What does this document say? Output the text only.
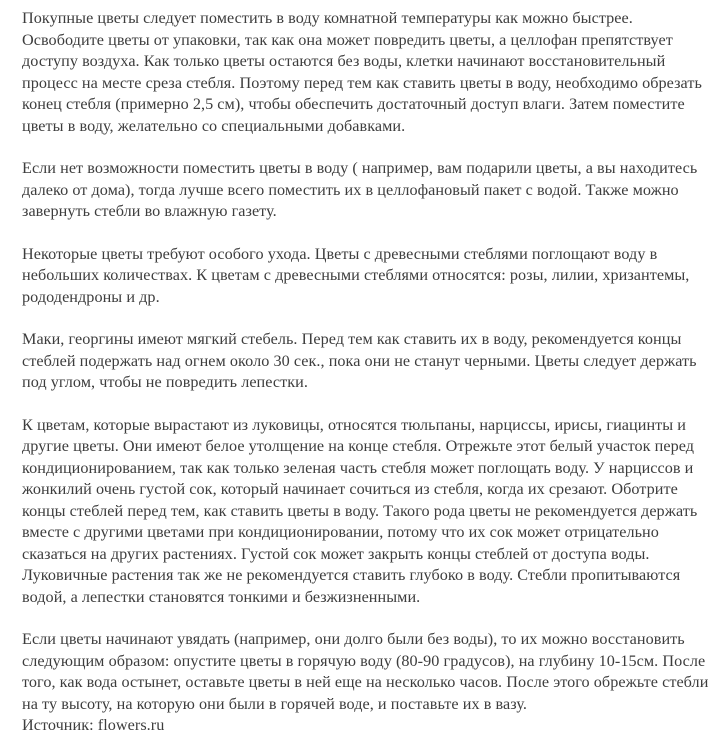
Покупные цветы следует поместить в воду комнатной температуры как можно быстрее. Освободите цветы от упаковки, так как она может повредить цветы, а целлофан препятствует доступу воздуха. Как только цветы остаются без воды, клетки начинают восстановительный процесс на месте среза стебля. Поэтому перед тем как ставить цветы в воду, необходимо обрезать конец стебля (примерно 2,5 см), чтобы обеспечить достаточный доступ влаги. Затем поместите цветы в воду, желательно со специальными добавками.

Если нет возможности поместить цветы в воду ( например, вам подарили цветы, а вы находитесь далеко от дома), тогда лучше всего поместить их в целлофановый пакет с водой. Также можно завернуть стебли во влажную газету.

Некоторые цветы требуют особого ухода. Цветы с древесными стеблями поглощают воду в небольших количествах. К цветам с древесными стеблями относятся: розы, лилии, хризантемы, рододендроны и др.

Маки, георгины имеют мягкий стебель. Перед тем как ставить их в воду, рекомендуется концы стеблей подержать над огнем около 30 сек., пока они не станут черными. Цветы следует держать под углом, чтобы не повредить лепестки.

К цветам, которые вырастают из луковицы, относятся тюльпаны, нарциссы, ирисы, гиацинты и другие цветы. Они имеют белое утолщение на конце стебля. Отрежьте этот белый участок перед кондиционированием, так как только зеленая часть стебля может поглощать воду. У нарциссов и жонкилий очень густой сок, который начинает сочиться из стебля, когда их срезают. Оботрите концы стеблей перед тем, как ставить цветы в воду. Такого рода цветы не рекомендуется держать вместе с другими цветами при кондиционировании, потому что их сок может отрицательно сказаться на других растениях. Густой сок может закрыть концы стеблей от доступа воды. Луковичные растения так же не рекомендуется ставить глубоко в воду. Стебли пропитываются водой, а лепестки становятся тонкими и безжизненными.

Если цветы начинают увядать (например, они долго были без воды), то их можно восстановить следующим образом: опустите цветы в горячую воду (80-90 градусов), на глубину 10-15см. После того, как вода остынет, оставьте цветы в ней еще на несколько часов. После этого обрежьте стебли на ту высоту, на которую они были в горячей воде, и поставьте их в вазу.

Источник: flowers.ru
